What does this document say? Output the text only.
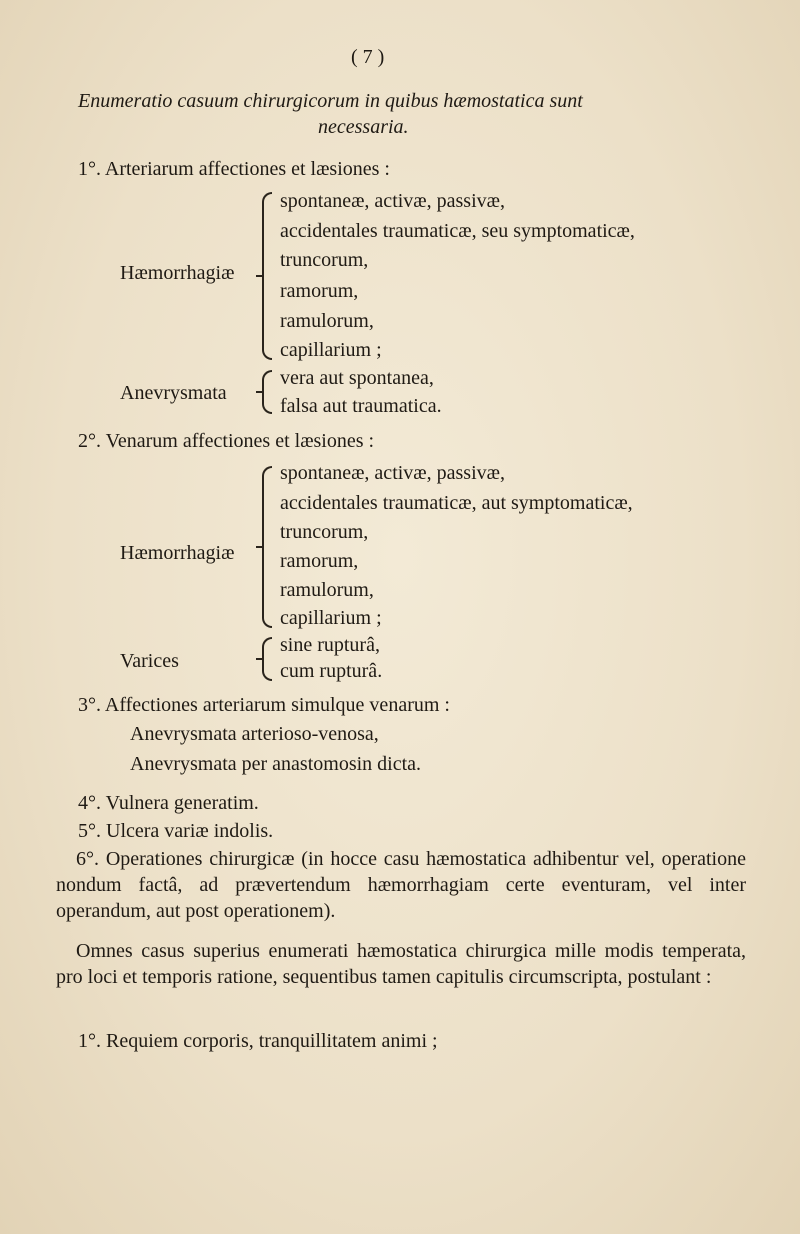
( 7 )
Enumeratio casuum chirurgicorum in quibus hæmostatica sunt
necessaria.
1°. Arteriarum affectiones et læsiones :
Hæmorrhagiæ
spontaneæ, activæ, passivæ,
accidentales traumaticæ, seu symptomaticæ,
truncorum,
ramorum,
ramulorum,
capillarium ;
Anevrysmata
vera aut spontanea,
falsa aut traumatica.
2°. Venarum affectiones et læsiones :
Hæmorrhagiæ
spontaneæ, activæ, passivæ,
accidentales traumaticæ, aut symptomaticæ,
truncorum,
ramorum,
ramulorum,
capillarium ;
Varices
sine rupturâ,
cum rupturâ.
3°. Affectiones arteriarum simulque venarum :
Anevrysmata arterioso-venosa,
Anevrysmata per anastomosin dicta.
4°. Vulnera generatim.
5°. Ulcera variæ indolis.
6°. Operationes chirurgicæ (in hocce casu hæmostatica adhibentur vel, operatione nondum factâ, ad prævertendum hæmorrhagiam certe eventuram, vel inter operandum, aut post operationem).
Omnes casus superius enumerati hæmostatica chirurgica mille modis temperata, pro loci et temporis ratione, sequentibus tamen capitulis circumscripta, postulant :
1°. Requiem corporis, tranquillitatem animi ;
